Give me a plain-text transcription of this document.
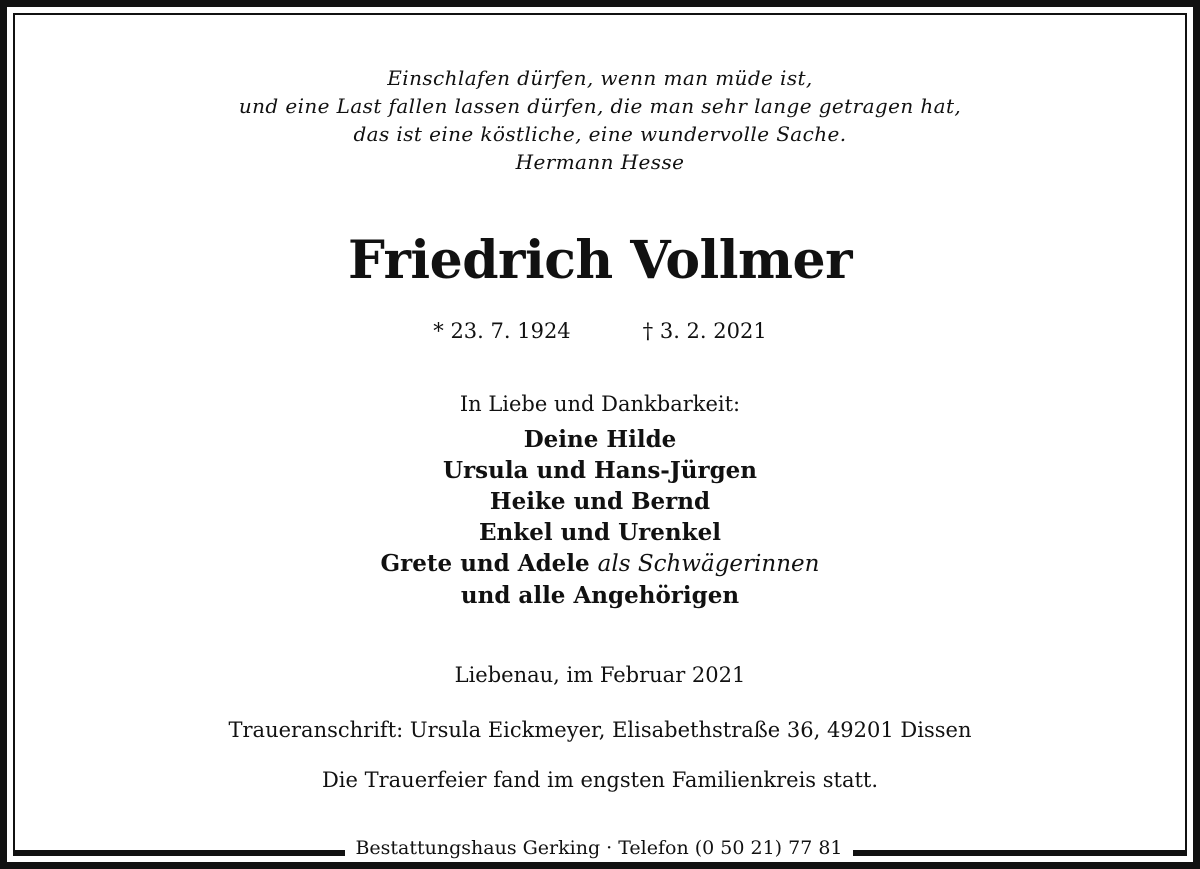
Einschlafen dürfen, wenn man müde ist,
und eine Last fallen lassen dürfen, die man sehr lange getragen hat,
das ist eine köstliche, eine wundervolle Sache.
Hermann Hesse
Friedrich Vollmer
* 23. 7. 1924	† 3. 2. 2021
In Liebe und Dankbarkeit:
Deine Hilde
Ursula und Hans-Jürgen
Heike und Bernd
Enkel und Urenkel
Grete und Adele als Schwägerinnen
und alle Angehörigen
Liebenau, im Februar 2021
Traueranschrift: Ursula Eickmeyer, Elisabethstraße 36, 49201 Dissen
Die Trauerfeier fand im engsten Familienkreis statt.
Bestattungshaus Gerking · Telefon (0 50 21) 77 81
